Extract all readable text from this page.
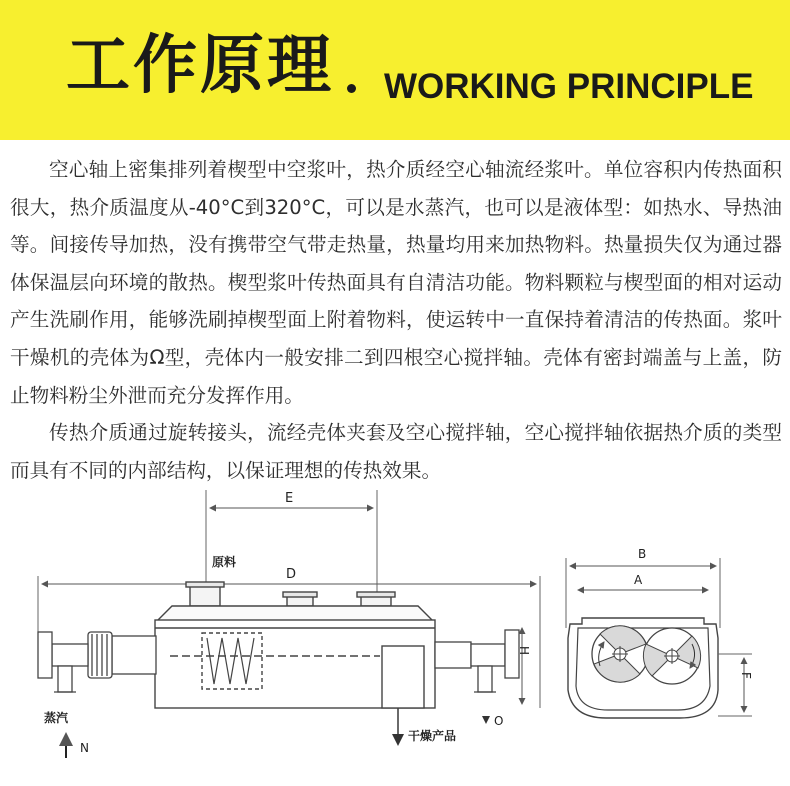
工作原理 WORKING PRINCIPLE

空心轴上密集排列着楔型中空浆叶，热介质经空心轴流经浆叶。单位容积内传热面积很大，热介质温度从-40°C到320°C，可以是水蒸汽，也可以是液体型：如热水、导热油等。间接传导加热，没有携带空气带走热量，热量均用来加热物料。热量损失仅为通过器体保温层向环境的散热。楔型浆叶传热面具有自清洁功能。物料颗粒与楔型面的相对运动产生洗刷作用，能够洗刷掉楔型面上附着物料，使运转中一直保持着清洁的传热面。浆叶干燥机的壳体为Ω型，壳体内一般安排二到四根空心搅拌轴。壳体有密封端盖与上盖，防止物料粉尘外泄而充分发挥作用。

传热介质通过旋转接头，流经壳体夹套及空心搅拌轴，空心搅拌轴依据热介质的类型而具有不同的内部结构，以保证理想的传热效果。

E
D
原料
H
蒸汽
N
干燥产品
O
B
A
F
